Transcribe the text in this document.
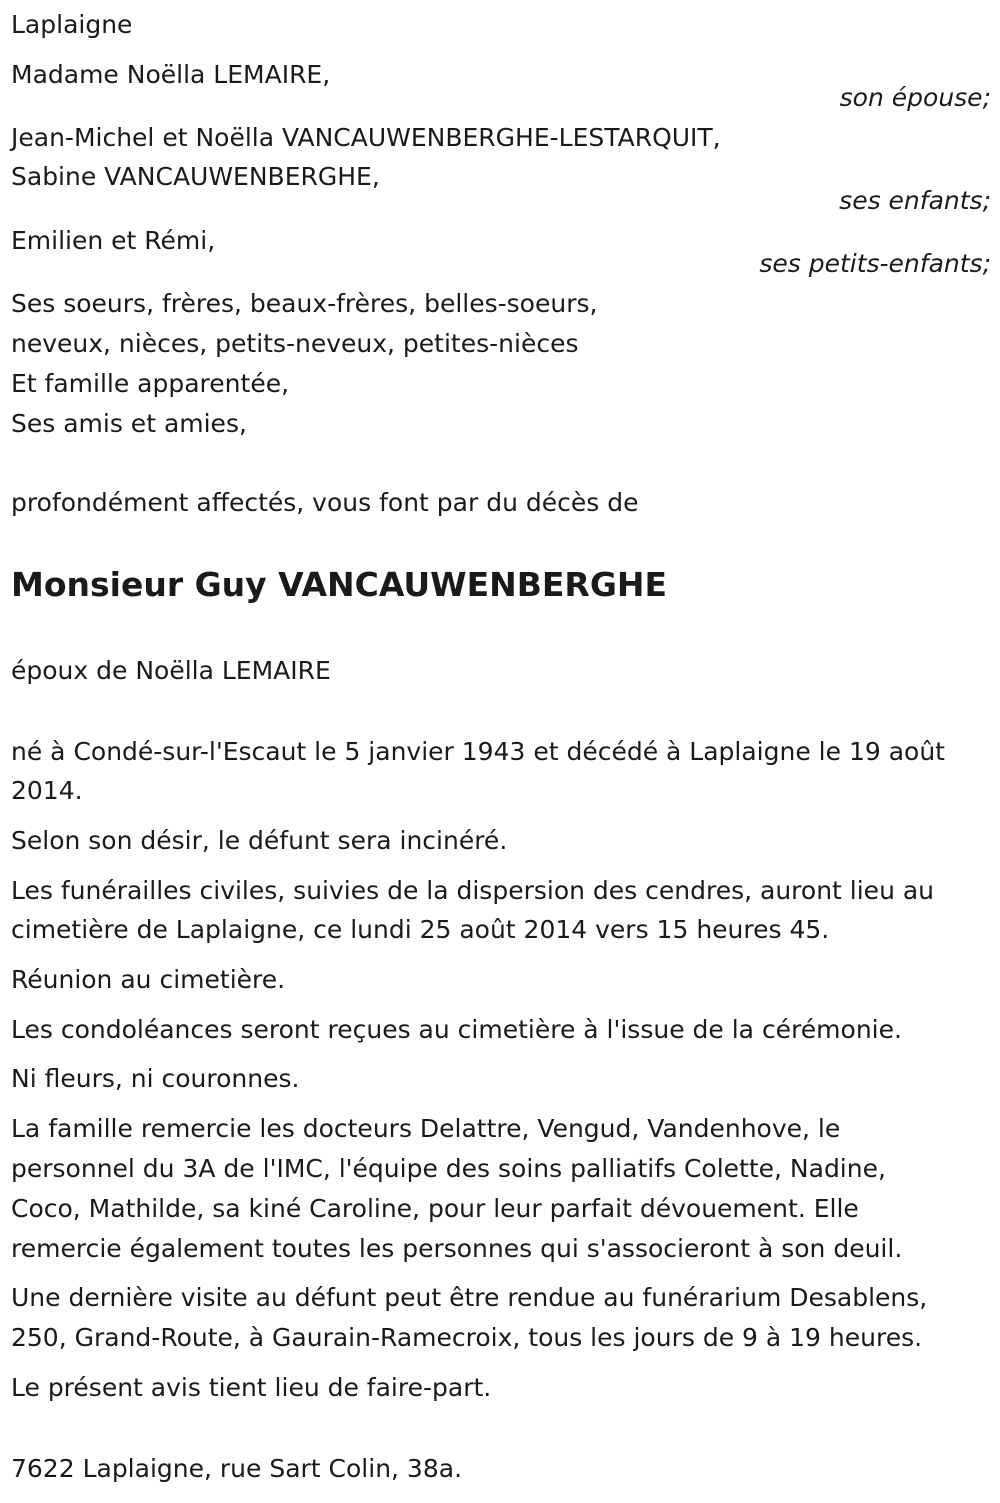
Laplaigne
Madame Noëlla LEMAIRE,
son épouse;
Jean-Michel et Noëlla VANCAUWENBERGHE-LESTARQUIT,
Sabine VANCAUWENBERGHE,
ses enfants;
Emilien et Rémi,
ses petits-enfants;
Ses soeurs, frères, beaux-frères, belles-soeurs,
neveux, nièces, petits-neveux, petites-nièces
Et famille apparentée,
Ses amis et amies,
profondément affectés, vous font par du décès de
Monsieur Guy VANCAUWENBERGHE
époux de Noëlla LEMAIRE
né à Condé-sur-l'Escaut le 5 janvier 1943 et décédé à Laplaigne le 19 août
2014.
Selon son désir, le défunt sera incinéré.
Les funérailles civiles, suivies de la dispersion des cendres, auront lieu au
cimetière de Laplaigne, ce lundi 25 août 2014 vers 15 heures 45.
Réunion au cimetière.
Les condoléances seront reçues au cimetière à l'issue de la cérémonie.
Ni fleurs, ni couronnes.
La famille remercie les docteurs Delattre, Vengud, Vandenhove, le
personnel du 3A de l'IMC, l'équipe des soins palliatifs Colette, Nadine,
Coco, Mathilde, sa kiné Caroline, pour leur parfait dévouement. Elle
remercie également toutes les personnes qui s'associeront à son deuil.
Une dernière visite au défunt peut être rendue au funérarium Desablens,
250, Grand-Route, à Gaurain-Ramecroix, tous les jours de 9 à 19 heures.
Le présent avis tient lieu de faire-part.
7622 Laplaigne, rue Sart Colin, 38a.
